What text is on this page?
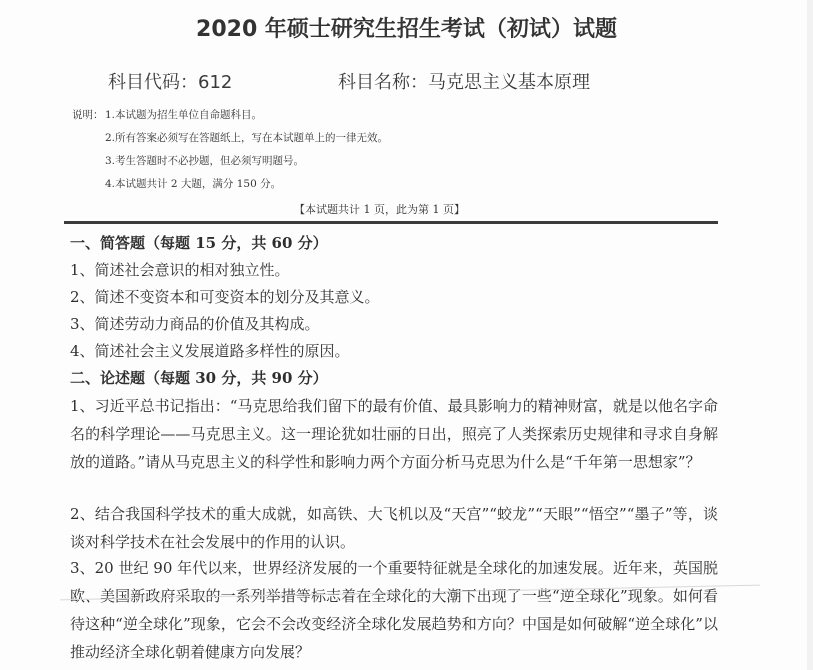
2020 年硕士研究生招生考试（初试）试题
科目代码：612	科目名称：马克思主义基本原理
说明： 1.本试题为招生单位自命题科目。
2.所有答案必须写在答题纸上，写在本试题单上的一律无效。
3.考生答题时不必抄题，但必须写明题号。
4.本试题共计 2 大题，满分 150 分。
【本试题共计 1 页，此为第 1 页】
一、简答题（每题 15 分，共 60 分）
1、简述社会意识的相对独立性。
2、简述不变资本和可变资本的划分及其意义。
3、简述劳动力商品的价值及其构成。
4、简述社会主义发展道路多样性的原因。
二、论述题（每题 30 分，共 90 分）
1、习近平总书记指出：“马克思给我们留下的最有价值、最具影响力的精神财富，就是以他名字命名的科学理论——马克思主义。这一理论犹如壮丽的日出，照亮了人类探索历史规律和寻求自身解放的道路。”请从马克思主义的科学性和影响力两个方面分析马克思为什么是“千年第一思想家”？
2、结合我国科学技术的重大成就，如高铁、大飞机以及“天宫”“蛟龙”“天眼”“悟空”“墨子”等，谈谈对科学技术在社会发展中的作用的认识。
3、20 世纪 90 年代以来，世界经济发展的一个重要特征就是全球化的加速发展。近年来，英国脱欧、美国新政府采取的一系列举措等标志着在全球化的大潮下出现了一些“逆全球化”现象。如何看待这种“逆全球化”现象，它会不会改变经济全球化发展趋势和方向？中国是如何破解“逆全球化”以推动经济全球化朝着健康方向发展？
